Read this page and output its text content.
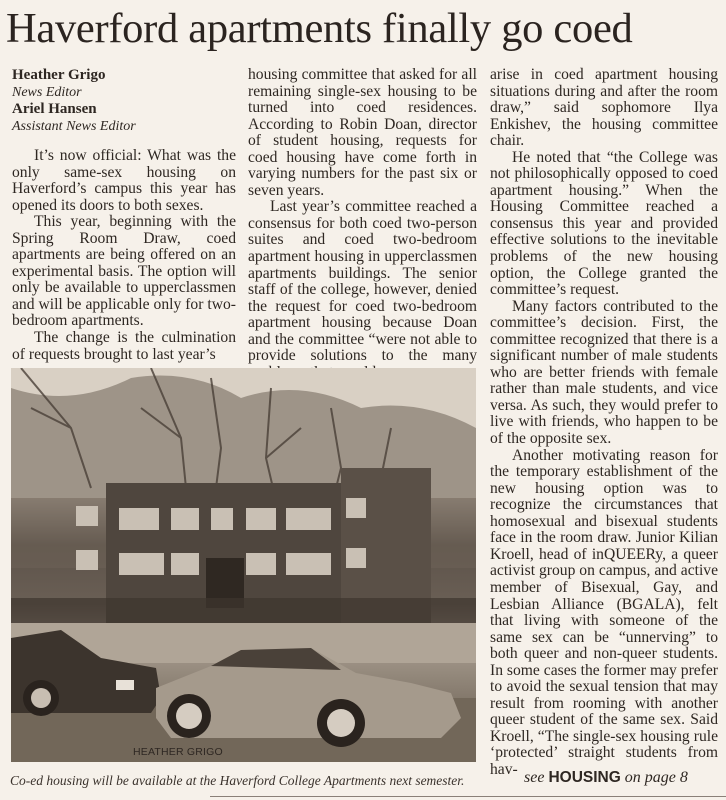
Haverford apartments finally go coed
Heather Grigo
News Editor
Ariel Hansen
Assistant News Editor

It’s now official: What was the only same-sex housing on Haverford’s campus this year has opened its doors to both sexes.

This year, beginning with the Spring Room Draw, coed apartments are being offered on an experimental basis. The option will only be available to upperclassmen and will be applicable only for two-bedroom apartments.

The change is the culmination of requests brought to last year’s

housing committee that asked for all remaining single-sex housing to be turned into coed residences. According to Robin Doan, director of student housing, requests for coed housing have come forth in varying numbers for the past six or seven years.

Last year’s committee reached a consensus for both coed two-person suites and coed two-bedroom apartment housing in upperclassmen apartments buildings. The senior staff of the college, however, denied the request for coed two-bedroom apartment housing because Doan and the committee “were not able to provide solutions to the many

arise in coed apartment housing situations during and after the room draw,” said sophomore Ilya Enkishev, the housing committee chair.

He noted that “the College was not philosophically opposed to coed apartment housing.” When the Housing Committee reached a consensus this year and provided effective solutions to the inevitable problems of the new housing option, the College granted the committee’s request.

Many factors contributed to the committee’s decision. First, the committee recognized that there is a significant number of male students who are better friends with female rather than male students, and vice versa. As such, they would prefer to live with friends, who happen to be of the opposite sex.

Another motivating reason for the temporary establishment of the new housing option was to recognize the circumstances that homosexual and bisexual students face in the room draw. Junior Kilian Kroell, head of inQUEERy, a queer activist group on campus, and active member of Bisexual, Gay, and Lesbian Alliance (BGALA), felt that living with someone of the same sex can be “unnerving” to both queer and non-queer students. In some cases the former may prefer to avoid the sexual tension that may result from rooming with another queer student of the same sex. Said Kroell, “The single-sex housing rule ‘protected’ straight students from hav-

HEATHER GRIGO
Co-ed housing will be available at the Haverford College Apartments next semester.	see HOUSING on page 8
